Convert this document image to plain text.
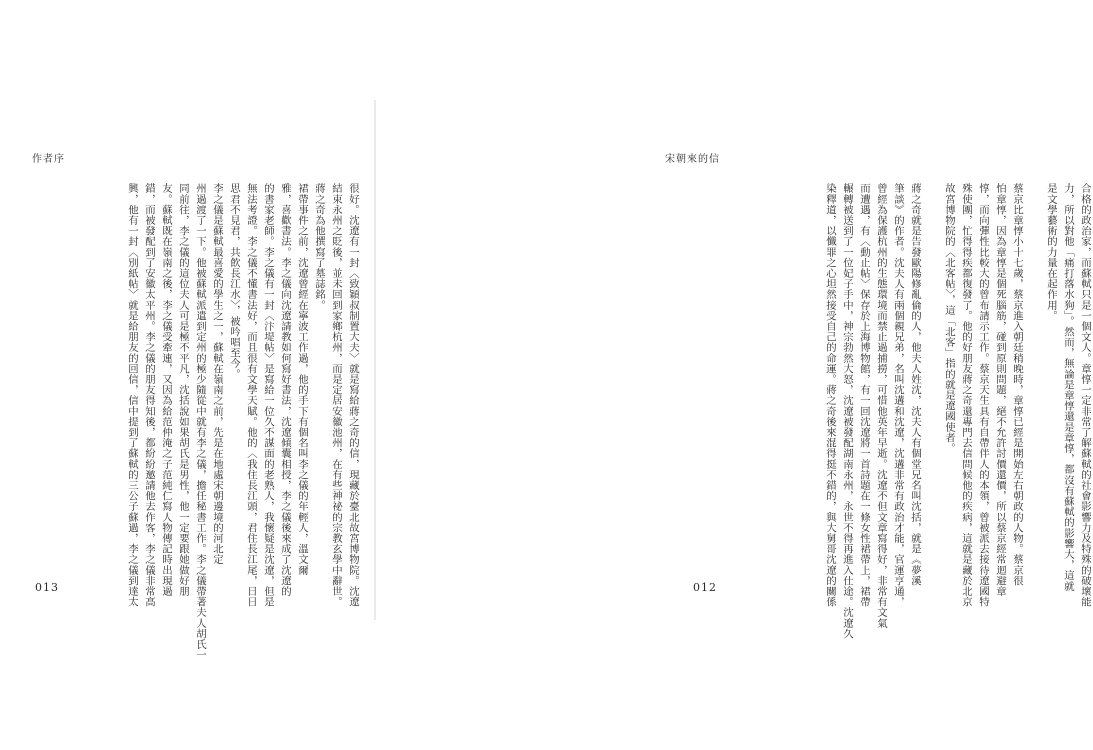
作者序
很好。沈遼有一封〈致穎叔制置大夫〉就是寫給蔣之奇的信，現藏於臺北故宮博物院。沈遼
結束永州之貶後，並未回到家鄉杭州，而是定居安徽池州，在有些神祕的宗教玄學中辭世。
蔣之奇為他撰寫了墓誌銘。
裙帶事件之前，沈遼曾經在寧波工作過，他的手下有個名叫李之儀的年輕人，溫文爾
雅，喜歡書法。李之儀向沈遼請教如何寫好書法，沈遼傾囊相授，李之儀後來成了沈遼的
的書家老師。李之儀有一封〈汴堤帖〉是寫給一位久不謀面的老熟人，我懷疑是沈遼，但是
無法考證。李之儀不懂書法好，而且很有文學天賦。他的〈我住長江頭，君住長江尾，日日
思君不見君，共飲長江水〉，被吟唱至今。
李之儀是蘇軾最喜愛的學生之一，蘇軾在嶺南之前，先是在地處宋朝邊境的河北定
州過渡了一下。他被蘇軾派遣到定州的極少隨從中就有李之儀，擔任秘書工作。李之儀帶著夫人胡氏一
同前往，李之儀的這位夫人可是極不平凡，沈括說如果胡氏是男性，他一定要跟她做好朋
友。蘇軾既在嶺南之後，李之儀受牽連，又因為給范仲淹之子范純仁寫人物傳記時出現過
錯，而被發配到了安徽太平州。李之儀的朋友得知後，都紛紛邀請他去作客，李之儀非常高
興，他有一封〈別紙帖〉就是給朋友的回信，信中提到了蘇軾的三公子蘇過，李之儀到達太
013
宋朝來的信
合格的政治家，而蘇軾只是一個文人。章惇一定非常了解蘇軾的社會影響力及特殊的破壞能
力，所以對他「痛打落水狗」。然而，無論是章惇還是章惇，都沒有蘇軾的影響大，這就
是文學藝術的力量在起作用。
蔡京比章惇小十七歲，蔡京進入朝廷稍晚時，章惇已經是開始左右朝政的人物。蔡京很
怕章惇，因為章惇是個死腦筋，碰到原則問題，絕不允許討價還價，所以蔡京經常迴避章
惇，而向彈性比較大的曾布請示工作。蔡京天生具有自帶伴人的本領，曾被派去接待遼國特
殊使團，忙得得疾都復發了。他的好朋友蔣之奇還專門去信問候他的疾病，這就是藏於北京
故宮博物院的〈北客帖〉，這「北客」指的就是遼國使者。
蔣之奇就是告發歐陽修亂倫的人，他夫人姓沈，沈夫人有個堂兄名叫沈括，就是《夢溪
筆談》的作者。沈夫人有兩個親兄弟，名叫沈遘和沈遼，沈遘非常有政治才能，官運亨通，
曾經為保護杭州的生態環境而禁止過捕撈，可惜他英年早逝。沈遼不但文章寫得好，非常有文氣
而遭遇，有〈動止帖〉保存於上海博物館，有一回沈遼將一首詩題在一條女性裙帶上，裙帶
輾轉被送到了一位妃子手中，神宗勃然大怒，沈遼被發配湖南永州，永世不得再進入仕途。沈遼久
染釋道，以懺罪之心坦然接受自己的命運。蔣之奇後來混得挺不錯的，與大舅哥沈遼的關係
012
